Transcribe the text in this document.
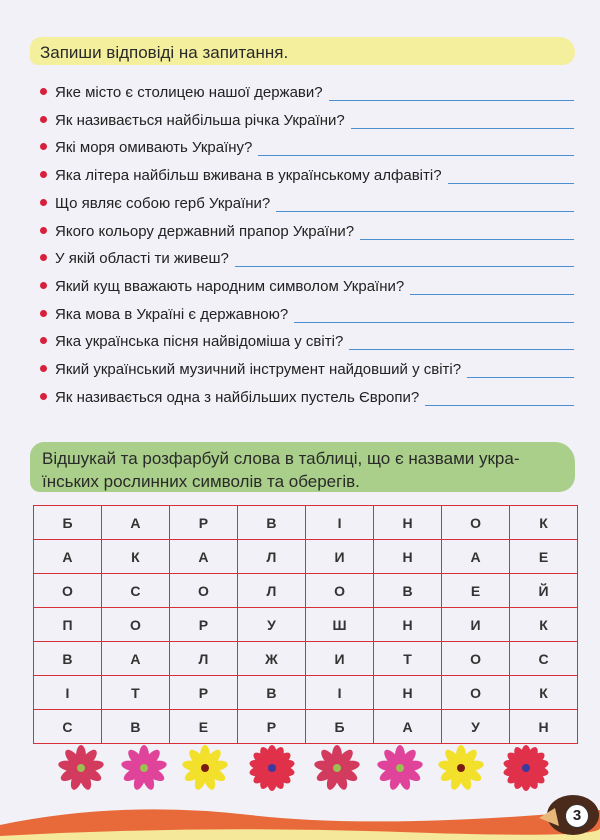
Запиши відповіді на запитання.
Яке місто є столицею нашої держави?
Як називається найбільша річка України?
Які моря омивають Україну?
Яка літера найбільш вживана в українському алфавіті?
Що являє собою герб України?
Якого кольору державний прапор України?
У якій області ти живеш?
Який кущ вважають народним символом України?
Яка мова в Україні є державною?
Яка українська пісня найвідоміша у світі?
Який український музичний інструмент найдовший у світі?
Як називається одна з найбільших пустель Європи?
Відшукай та розфарбуй слова в таблиці, що є назвами укра-їнських рослинних символів та оберегів.
Б	А	Р	В	І	Н	О	К
А	К	А	Л	И	Н	А	Е
О	С	О	Л	О	В	Е	Й
П	О	Р	У	Ш	Н	И	К
В	А	Л	Ж	И	Т	О	С
І	Т	Р	В	І	Н	О	К
С	В	Е	Р	Б	А	У	Н
3
